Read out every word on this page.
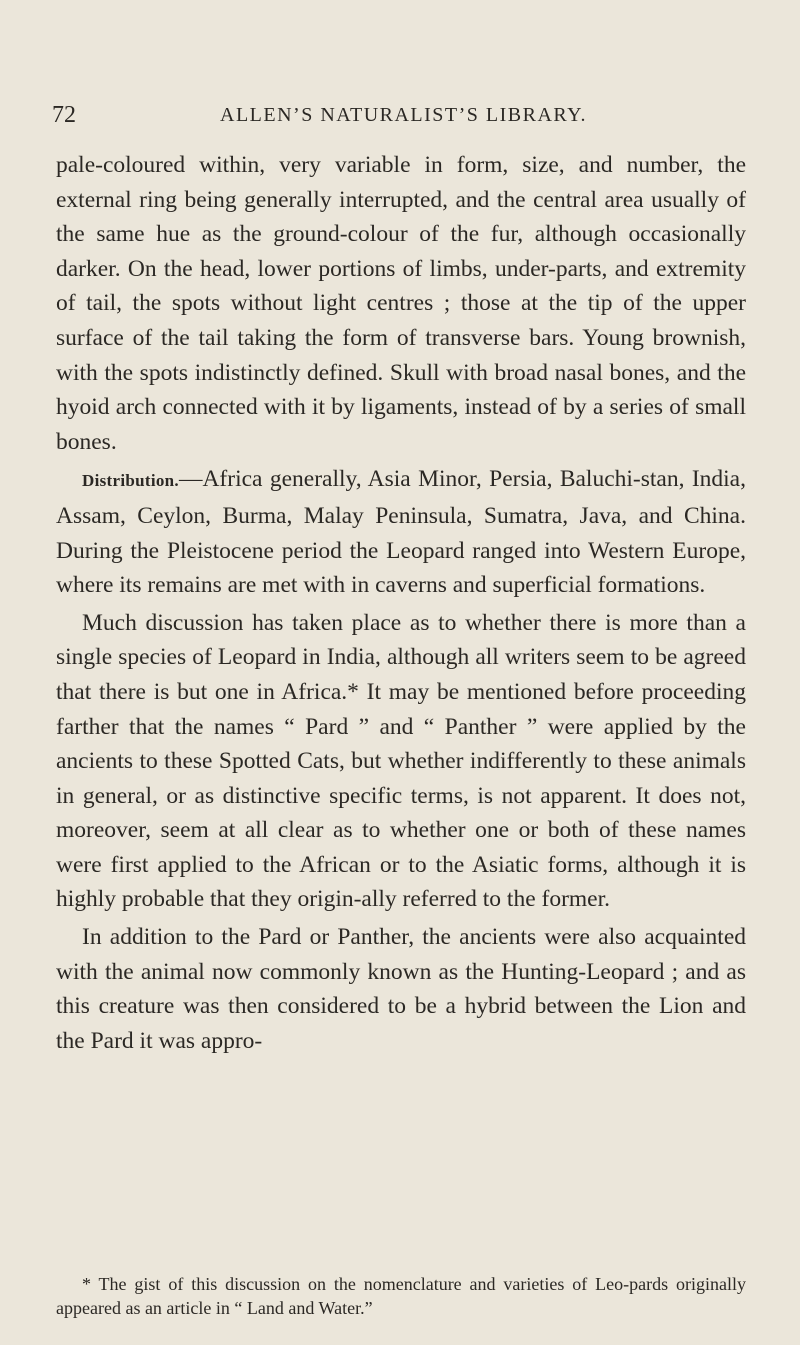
72	ALLEN’S NATURALIST’S LIBRARY.

pale-coloured within, very variable in form, size, and number, the external ring being generally interrupted, and the central area usually of the same hue as the ground-colour of the fur, although occasionally darker. On the head, lower portions of limbs, under-parts, and extremity of tail, the spots without light centres ; those at the tip of the upper surface of the tail taking the form of transverse bars. Young brownish, with the spots indistinctly defined. Skull with broad nasal bones, and the hyoid arch connected with it by ligaments, instead of by a series of small bones.

Distribution.—Africa generally, Asia Minor, Persia, Baluchi-stan, India, Assam, Ceylon, Burma, Malay Peninsula, Sumatra, Java, and China. During the Pleistocene period the Leopard ranged into Western Europe, where its remains are met with in caverns and superficial formations.

Much discussion has taken place as to whether there is more than a single species of Leopard in India, although all writers seem to be agreed that there is but one in Africa.* It may be mentioned before proceeding farther that the names “ Pard ” and “ Panther ” were applied by the ancients to these Spotted Cats, but whether indifferently to these animals in general, or as distinctive specific terms, is not apparent. It does not, moreover, seem at all clear as to whether one or both of these names were first applied to the African or to the Asiatic forms, although it is highly probable that they origin-ally referred to the former.

In addition to the Pard or Panther, the ancients were also acquainted with the animal now commonly known as the Hunting-Leopard ; and as this creature was then considered to be a hybrid between the Lion and the Pard it was appro-

* The gist of this discussion on the nomenclature and varieties of Leo-pards originally appeared as an article in “ Land and Water.”
